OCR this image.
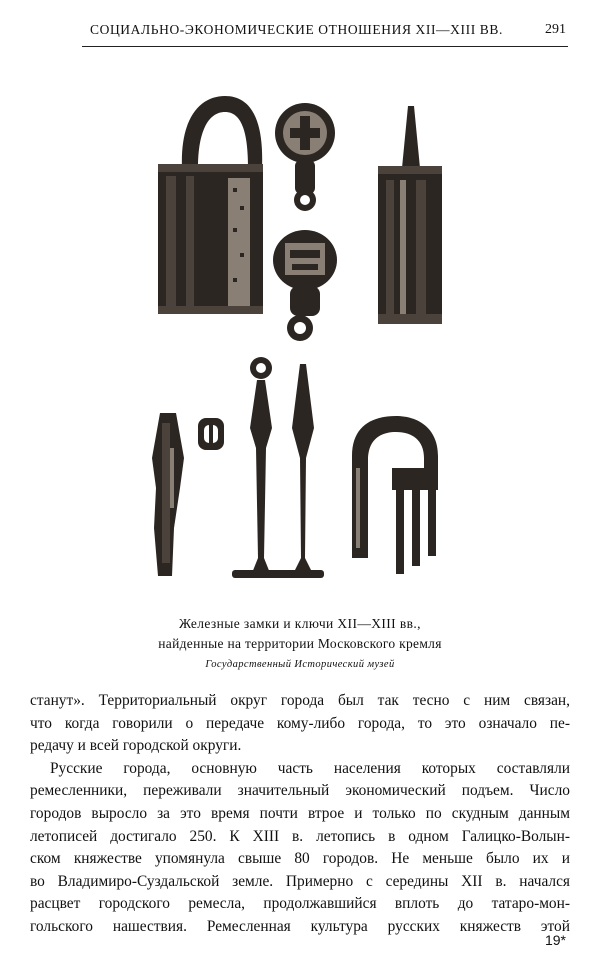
СОЦИАЛЬНО-ЭКОНОМИЧЕСКИЕ ОТНОШЕНИЯ XII—XIII ВВ.	291
Железные замки и ключи XII—XIII вв.,
найденные на территории Московского кремля
Государственный Исторический музей
станут». Территориальный округ города был так тесно с ним связан,
что когда говорили о передаче кому-либо города, то это означало пе-
редачу и всей городской округи.
Русские города, основную часть населения которых составляли
ремесленники, переживали значительный экономический подъем. Число
городов выросло за это время почти втрое и только по скудным данным
летописей достигало 250. К XIII в. летопись в одном Галицко-Волын-
ском княжестве упомянула свыше 80 городов. Не меньше было их и
во Владимиро-Суздальской земле. Примерно с середины XII в. начался
расцвет городского ремесла, продолжавшийся вплоть до татаро-мон-
гольского нашествия. Ремесленная культура русских княжеств этой
19*
